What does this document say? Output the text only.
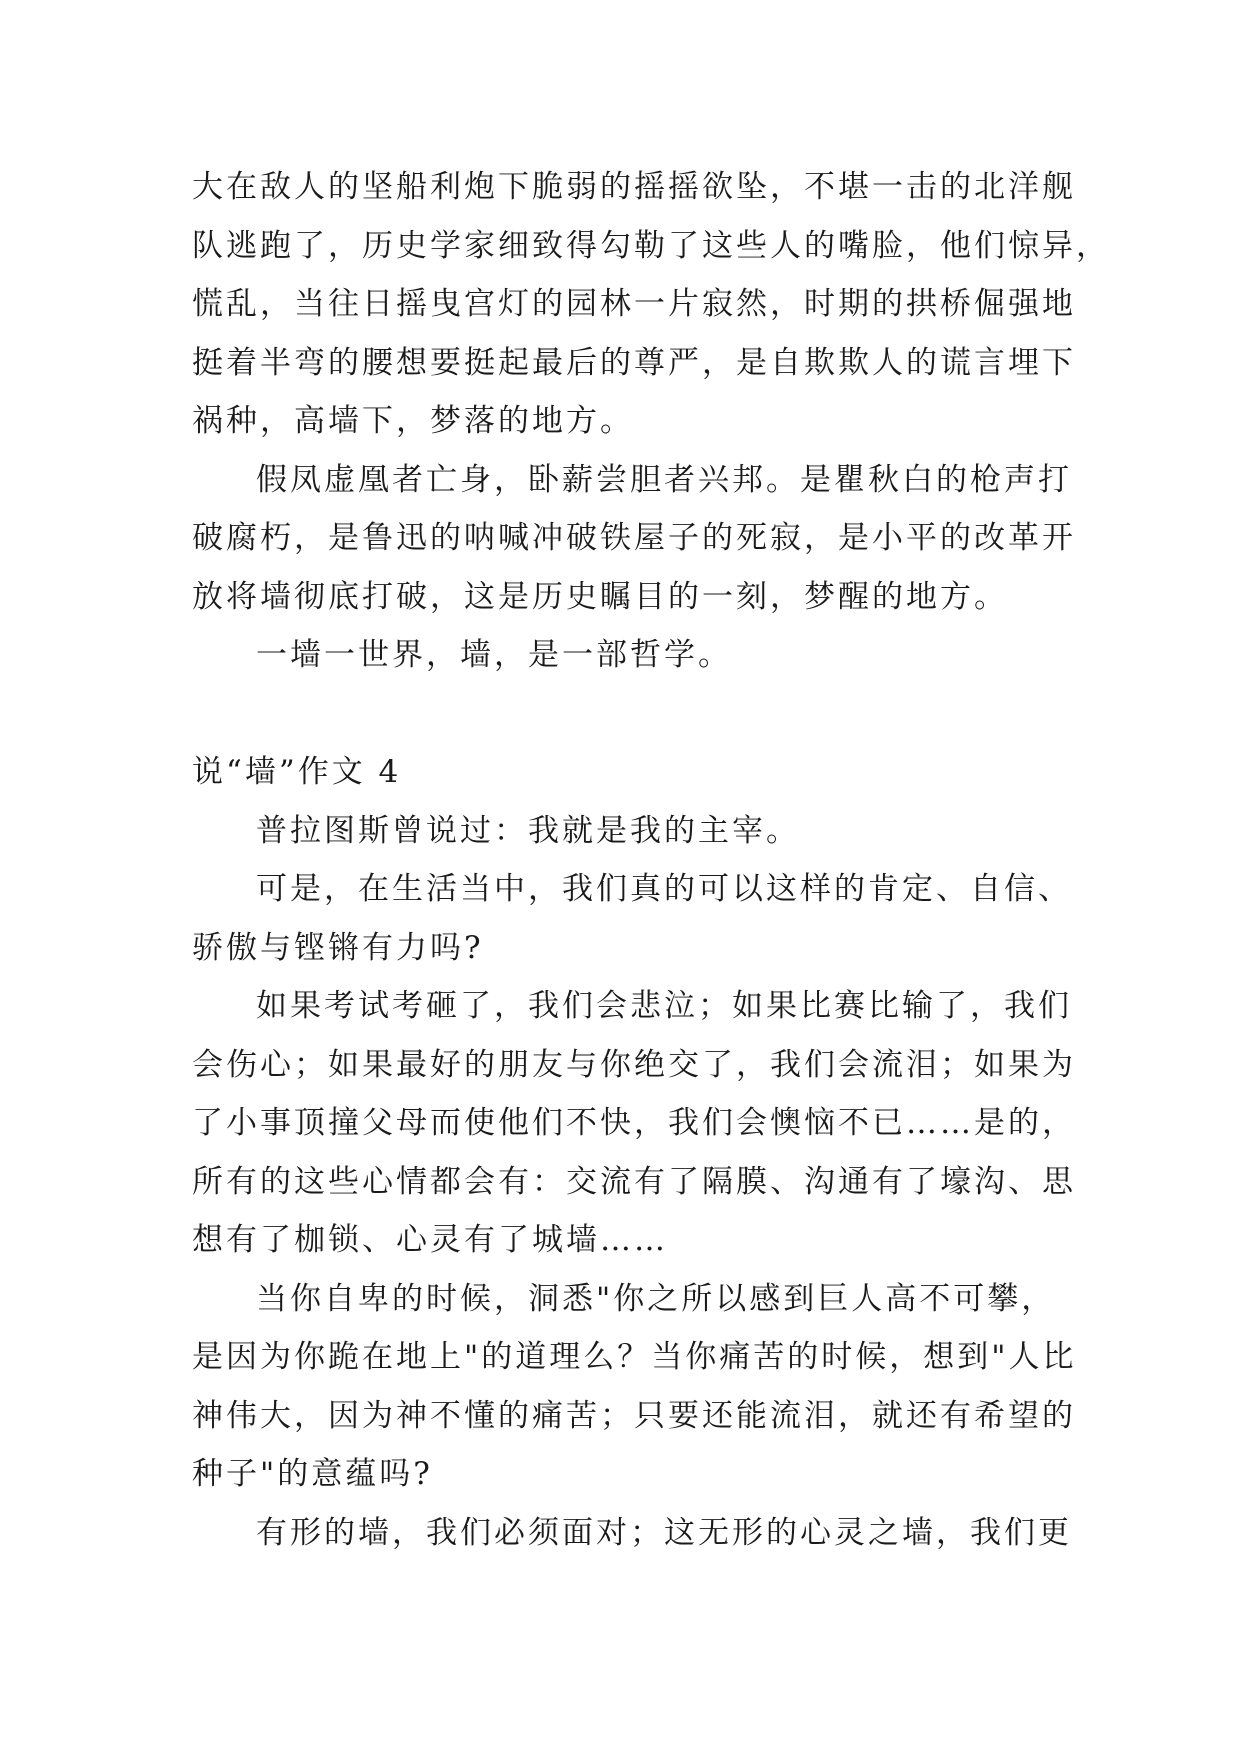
大在敌人的坚船利炮下脆弱的摇摇欲坠，不堪一击的北洋舰
队逃跑了，历史学家细致得勾勒了这些人的嘴脸，他们惊异，
慌乱，当往日摇曳宫灯的园林一片寂然，时期的拱桥倔强地
挺着半弯的腰想要挺起最后的尊严，是自欺欺人的谎言埋下
祸种，高墙下，梦落的地方。

假凤虚凰者亡身，卧薪尝胆者兴邦。是瞿秋白的枪声打
破腐朽，是鲁迅的呐喊冲破铁屋子的死寂，是小平的改革开
放将墙彻底打破，这是历史瞩目的一刻，梦醒的地方。

一墙一世界，墙，是一部哲学。

说“墙”作文 4

普拉图斯曾说过：我就是我的主宰。

可是，在生活当中，我们真的可以这样的肯定、自信、
骄傲与铿锵有力吗?

如果考试考砸了，我们会悲泣；如果比赛比输了，我们
会伤心；如果最好的朋友与你绝交了，我们会流泪；如果为
了小事顶撞父母而使他们不快，我们会懊恼不已……是的，
所有的这些心情都会有：交流有了隔膜、沟通有了壕沟、思
想有了枷锁、心灵有了城墙……

当你自卑的时候，洞悉"你之所以感到巨人高不可攀，
是因为你跪在地上"的道理么？当你痛苦的时候，想到"人比
神伟大，因为神不懂的痛苦；只要还能流泪，就还有希望的
种子"的意蕴吗?

有形的墙，我们必须面对；这无形的心灵之墙，我们更
